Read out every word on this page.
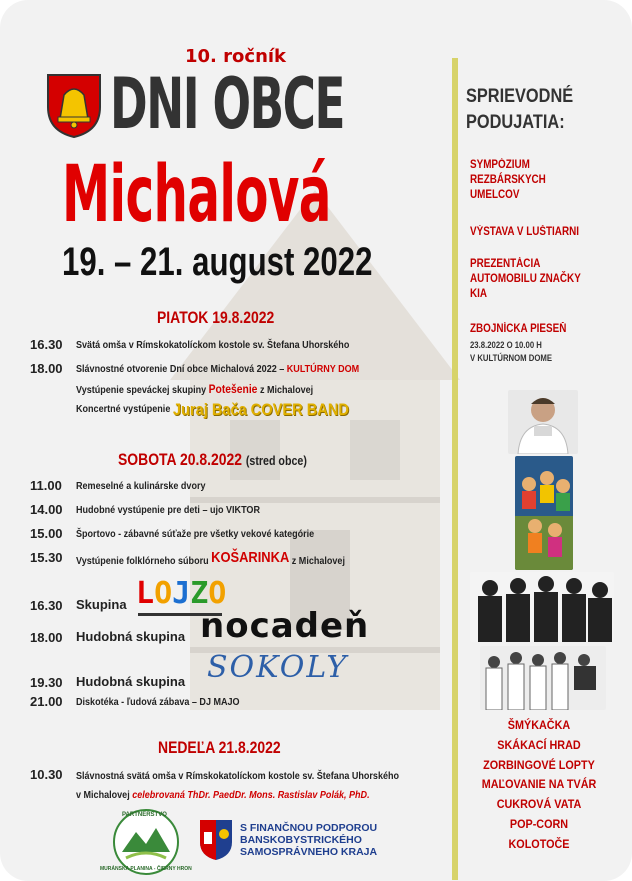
10. ročník
DNI OBCE
Michalová
19. – 21. august 2022
PIATOK 19.8.2022
16.30	Svätá omša v Rímskokatolíckom kostole sv. Štefana Uhorského
18.00	Slávnostné otvorenie Dní obce Michalová 2022 – KULTÚRNY DOM
Vystúpenie speváckej skupiny Potešenie z Michalovej
Koncertné vystúpenie Juraj Bača COVER BAND
SOBOTA 20.8.2022 (stred obce)
11.00	Remeselné a kulinárske dvory
14.00	Hudobné vystúpenie pre deti – ujo VIKTOR
15.00	Športovo - zábavné súťaže pre všetky vekové kategórie
15.30	Vystúpenie folklórneho súboru KOŠARINKA z Michalovej
16.30	Skupina LOJZO
18.00	Hudobná skupina nocadeň
19.30	Hudobná skupina SOKOLY
21.00	Diskotéka - ľudová zábava – DJ MAJO
NEDEĽA 21.8.2022
10.30	Slávnostná svätá omša v Rímskokatolíckom kostole sv. Štefana Uhorského
v Michalovej celebrovaná ThDr. PaedDr. Mons. Rastislav Polák, PhD.
PARTNERSTVO
MURÁNSKA PLANINA - ČIERNY HRON
S FINANČNOU PODPOROU
BANSKOBYSTRICKÉHO
SAMOSPRÁVNEHO KRAJA
SPRIEVODNÉ
PODUJATIA:
SYMPÓZIUM
REZBÁRSKYCH
UMELCOV
VÝSTAVA V LUŠTIARNI
PREZENTÁCIA
AUTOMOBILU ZNAČKY
KIA
ZBOJNÍCKA PIESEŇ
23.8.2022 O 10.00 H
V KULTÚRNOM DOME
ŠMÝKAČKA
SKÁKACÍ HRAD
ZORBINGOVÉ LOPTY
MAĽOVANIE NA TVÁR
CUKROVÁ VATA
POP-CORN
KOLOTOČE
